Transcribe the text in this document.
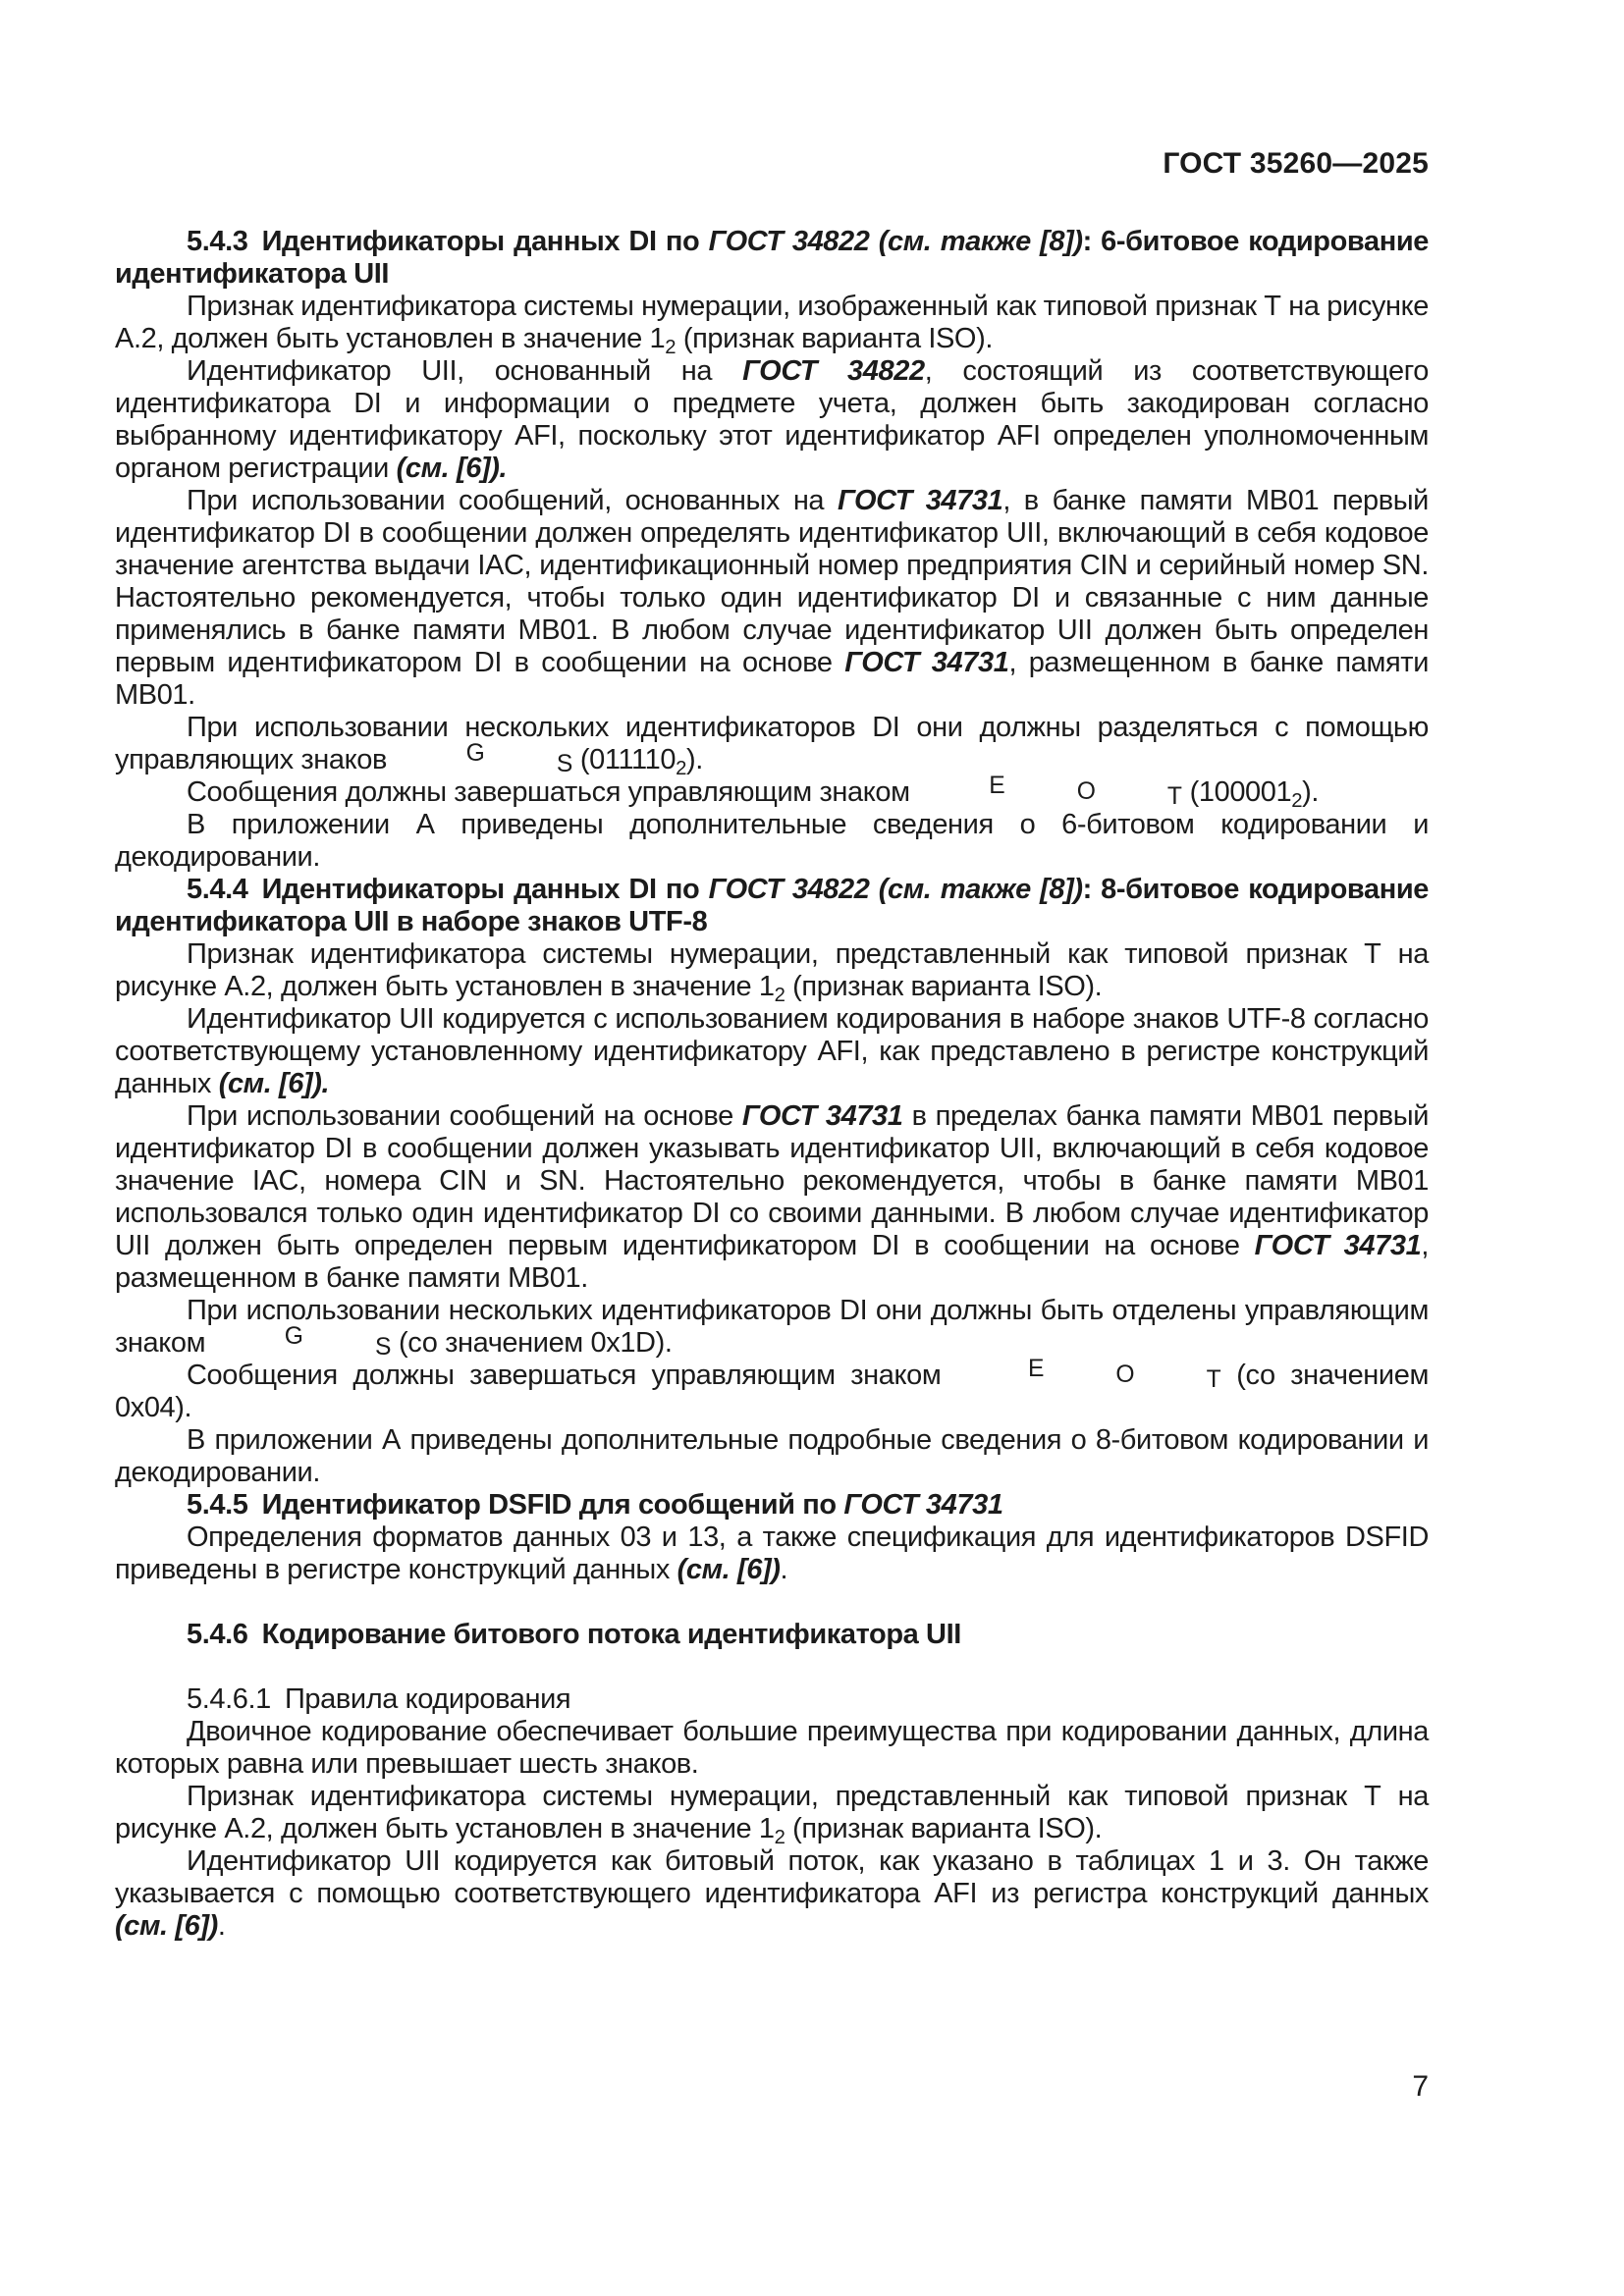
ГОСТ 35260—2025

5.4.3 Идентификаторы данных DI по ГОСТ 34822 (см. также [8]): 6-битовое кодирование идентификатора UII

Признак идентификатора системы нумерации, изображенный как типовой признак Т на рисунке А.2, должен быть установлен в значение 12 (признак варианта ISO).

Идентификатор UII, основанный на ГОСТ 34822, состоящий из соответствующего идентификатора DI и информации о предмете учета, должен быть закодирован согласно выбранному идентификатору AFI, поскольку этот идентификатор AFI определен уполномоченным органом регистрации (см. [6]).

При использовании сообщений, основанных на ГОСТ 34731, в банке памяти МВ01 первый идентификатор DI в сообщении должен определять идентификатор UII, включающий в себя кодовое значение агентства выдачи IAC, идентификационный номер предприятия CIN и серийный номер SN. Настоятельно рекомендуется, чтобы только один идентификатор DI и связанные с ним данные применялись в банке памяти МВ01. В любом случае идентификатор UII должен быть определен первым идентификатором DI в сообщении на основе ГОСТ 34731, размещенном в банке памяти МВ01.

При использовании нескольких идентификаторов DI они должны разделяться с помощью управляющих знаков	G	S (0111102).

Сообщения должны завершаться управляющим знаком	E	O	T (1000012).

В приложении А приведены дополнительные сведения о 6-битовом кодировании и декодировании.

5.4.4 Идентификаторы данных DI по ГОСТ 34822 (см. также [8]): 8-битовое кодирование идентификатора UII в наборе знаков UTF-8

Признак идентификатора системы нумерации, представленный как типовой признак Т на рисунке А.2, должен быть установлен в значение 12 (признак варианта ISO).

Идентификатор UII кодируется с использованием кодирования в наборе знаков UTF-8 согласно соответствующему установленному идентификатору AFI, как представлено в регистре конструкций данных (см. [6]).

При использовании сообщений на основе ГОСТ 34731 в пределах банка памяти МВ01 первый идентификатор DI в сообщении должен указывать идентификатор UII, включающий в себя кодовое значение IAC, номера CIN и SN. Настоятельно рекомендуется, чтобы в банке памяти МВ01 использовался только один идентификатор DI со своими данными. В любом случае идентификатор UII должен быть определен первым идентификатором DI в сообщении на основе ГОСТ 34731, размещенном в банке памяти МВ01.

При использовании нескольких идентификаторов DI они должны быть отделены управляющим знаком	G	S (со значением 0x1D).

Сообщения должны завершаться управляющим знаком	E	O	T (со значением 0x04).

В приложении А приведены дополнительные подробные сведения о 8-битовом кодировании и декодировании.

5.4.5 Идентификатор DSFID для сообщений по ГОСТ 34731

Определения форматов данных 03 и 13, а также спецификация для идентификаторов DSFID приведены в регистре конструкций данных (см. [6]).

5.4.6 Кодирование битового потока идентификатора UII

5.4.6.1 Правила кодирования

Двоичное кодирование обеспечивает большие преимущества при кодировании данных, длина которых равна или превышает шесть знаков.

Признак идентификатора системы нумерации, представленный как типовой признак Т на рисунке А.2, должен быть установлен в значение 12 (признак варианта ISO).

Идентификатор UII кодируется как битовый поток, как указано в таблицах 1 и 3. Он также указывается с помощью соответствующего идентификатора AFI из регистра конструкций данных (см. [6]).

7
